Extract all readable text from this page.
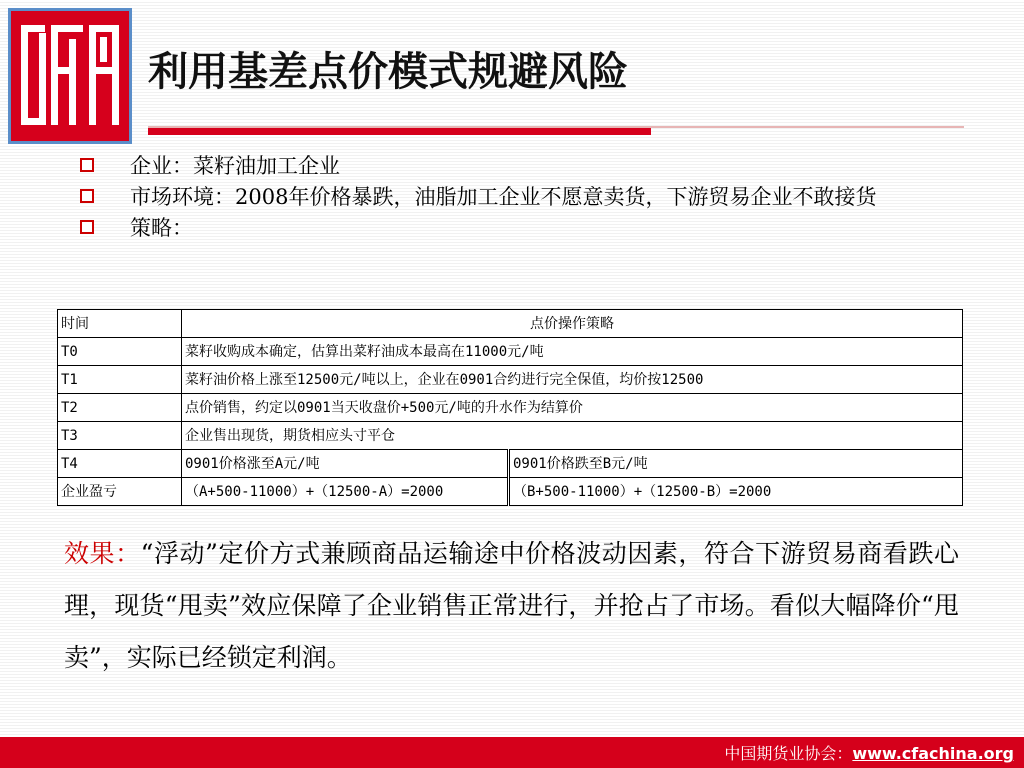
利用基差点价模式规避风险
企业：菜籽油加工企业
市场环境：2008年价格暴跌，油脂加工企业不愿意卖货，下游贸易企业不敢接货
策略：
时间	点价操作策略	
T0	菜籽收购成本确定，估算出菜籽油成本最高在11000元/吨	
T1	菜籽油价格上涨至12500元/吨以上，企业在0901合约进行完全保值，均价按12500	
T2	点价销售，约定以0901当天收盘价+500元/吨的升水作为结算价	
T3	企业售出现货，期货相应头寸平仓	
T4	0901价格涨至A元/吨	0901价格跌至B元/吨
企业盈亏	（A+500-11000）+（12500-A）=2000	（B+500-11000）+（12500-B）=2000

效果：“浮动”定价方式兼顾商品运输途中价格波动因素，符合下游贸易商看跌心理，现货“甩卖”效应保障了企业销售正常进行，并抢占了市场。看似大幅降价“甩卖”，实际已经锁定利润。

中国期货业协会：www.cfachina.org
